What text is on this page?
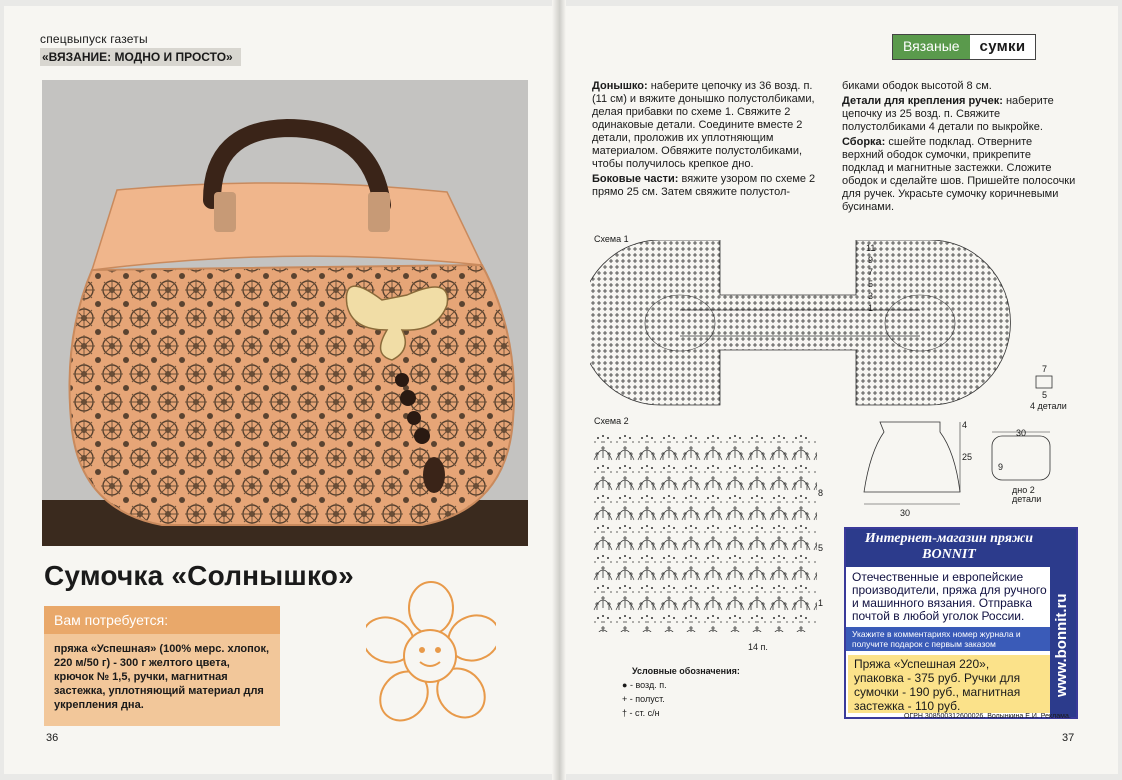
спецвыпуск газеты
«ВЯЗАНИЕ: МОДНО И ПРОСТО»
Сумочка «Солнышко»
Вам потребуется:
пряжа «Успешная» (100% мерс. хлопок, 220 м/50 г) - 300 г желтого цвета, крючок № 1,5, ручки, магнитная застежка, уплотняющий материал для укрепления дна.
36
Вязаные	сумки

Донышко: наберите цепочку из 36 возд. п. (11 см) и вяжите донышко полустолбиками, делая прибавки по схеме 1. Свяжите 2 одинаковые детали. Соедините вместе 2 детали, проложив их уплотняющим материалом. Обвяжите полустолбиками, чтобы получилось крепкое дно.

Боковые части: вяжите узором по схеме 2 прямо 25 см. Затем свяжите полустол-

биками ободок высотой 8 см.

Детали для крепления ручек: наберите цепочку из 25 возд. п. Свяжите полустолбиками 4 детали по выкройке.

Сборка: сшейте подклад. Отверните верхний ободок сумочки, прикрепите подклад и магнитные застежки. Сложите ободок и сделайте шов. Пришейте полосочки для ручек. Украсьте сумочку коричневыми бусинами.

Схема 1
11
9
7
5
3
1
Схема 2
8
5
1
14 п.
7
5
4 детали
4
25
30
30
9
дно 2 детали
Условные обозначения:
● - возд. п.
+ - полуст.
† - ст. с/н
Интернет-магазин пряжи BONNIT
Отечественные и европейские производители, пряжа для ручного и машинного вязания. Отправка почтой в любой уголок России.
Укажите в комментариях номер журнала и получите подарок с первым заказом
Пряжа «Успешная 220», упаковка - 375 руб. Ручки для сумочки - 190 руб., магнитная застежка - 110 руб.
www.bonnit.ru
ОГРН 308500312600026. Волынкина Е.И. Реклама.
37
